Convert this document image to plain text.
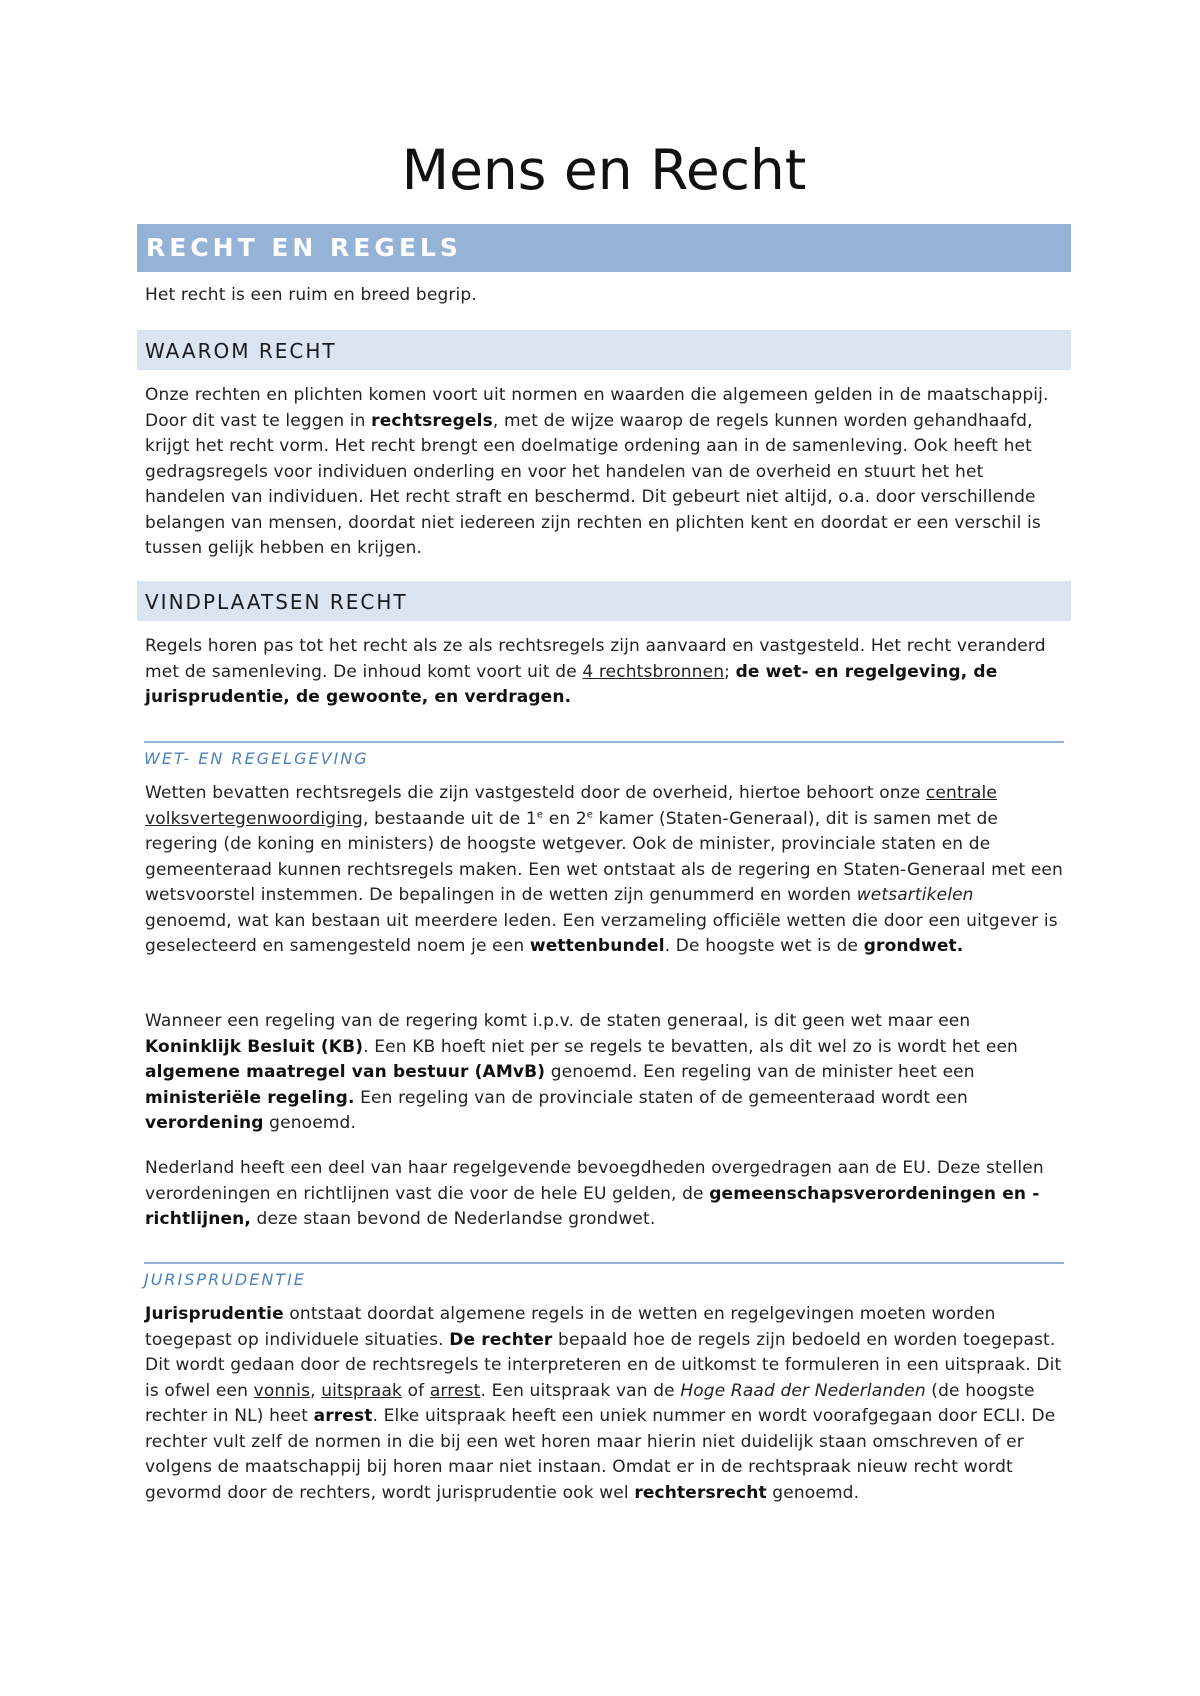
Mens en Recht
RECHT EN REGELS

Het recht is een ruim en breed begrip.

WAAROM RECHT

Onze rechten en plichten komen voort uit normen en waarden die algemeen gelden in de maatschappij. Door dit vast te leggen in rechtsregels, met de wijze waarop de regels kunnen worden gehandhaafd, krijgt het recht vorm. Het recht brengt een doelmatige ordening aan in de samenleving. Ook heeft het gedragsregels voor individuen onderling en voor het handelen van de overheid en stuurt het het handelen van individuen. Het recht straft en beschermd. Dit gebeurt niet altijd, o.a. door verschillende belangen van mensen, doordat niet iedereen zijn rechten en plichten kent en doordat er een verschil is tussen gelijk hebben en krijgen.

VINDPLAATSEN RECHT

Regels horen pas tot het recht als ze als rechtsregels zijn aanvaard en vastgesteld. Het recht veranderd met de samenleving. De inhoud komt voort uit de 4 rechtsbronnen; de wet- en regelgeving, de jurisprudentie, de gewoonte, en verdragen.

WET- EN REGELGEVING

Wetten bevatten rechtsregels die zijn vastgesteld door de overheid, hiertoe behoort onze centrale volksvertegenwoordiging, bestaande uit de 1e en 2e kamer (Staten-Generaal), dit is samen met de regering (de koning en ministers) de hoogste wetgever. Ook de minister, provinciale staten en de gemeenteraad kunnen rechtsregels maken. Een wet ontstaat als de regering en Staten-Generaal met een wetsvoorstel instemmen. De bepalingen in de wetten zijn genummerd en worden wetsartikelen genoemd, wat kan bestaan uit meerdere leden. Een verzameling officiële wetten die door een uitgever is geselecteerd en samengesteld noem je een wettenbundel. De hoogste wet is de grondwet.

Wanneer een regeling van de regering komt i.p.v. de staten generaal, is dit geen wet maar een Koninklijk Besluit (KB). Een KB hoeft niet per se regels te bevatten, als dit wel zo is wordt het een algemene maatregel van bestuur (AMvB) genoemd. Een regeling van de minister heet een ministeriële regeling. Een regeling van de provinciale staten of de gemeenteraad wordt een verordening genoemd.

Nederland heeft een deel van haar regelgevende bevoegdheden overgedragen aan de EU. Deze stellen verordeningen en richtlijnen vast die voor de hele EU gelden, de gemeenschapsverordeningen en -richtlijnen, deze staan bevond de Nederlandse grondwet.

JURISPRUDENTIE

Jurisprudentie ontstaat doordat algemene regels in de wetten en regelgevingen moeten worden toegepast op individuele situaties. De rechter bepaald hoe de regels zijn bedoeld en worden toegepast. Dit wordt gedaan door de rechtsregels te interpreteren en de uitkomst te formuleren in een uitspraak. Dit is ofwel een vonnis, uitspraak of arrest. Een uitspraak van de Hoge Raad der Nederlanden (de hoogste rechter in NL) heet arrest. Elke uitspraak heeft een uniek nummer en wordt voorafgegaan door ECLI. De rechter vult zelf de normen in die bij een wet horen maar hierin niet duidelijk staan omschreven of er volgens de maatschappij bij horen maar niet instaan. Omdat er in de rechtspraak nieuw recht wordt gevormd door de rechters, wordt jurisprudentie ook wel rechtersrecht genoemd.
